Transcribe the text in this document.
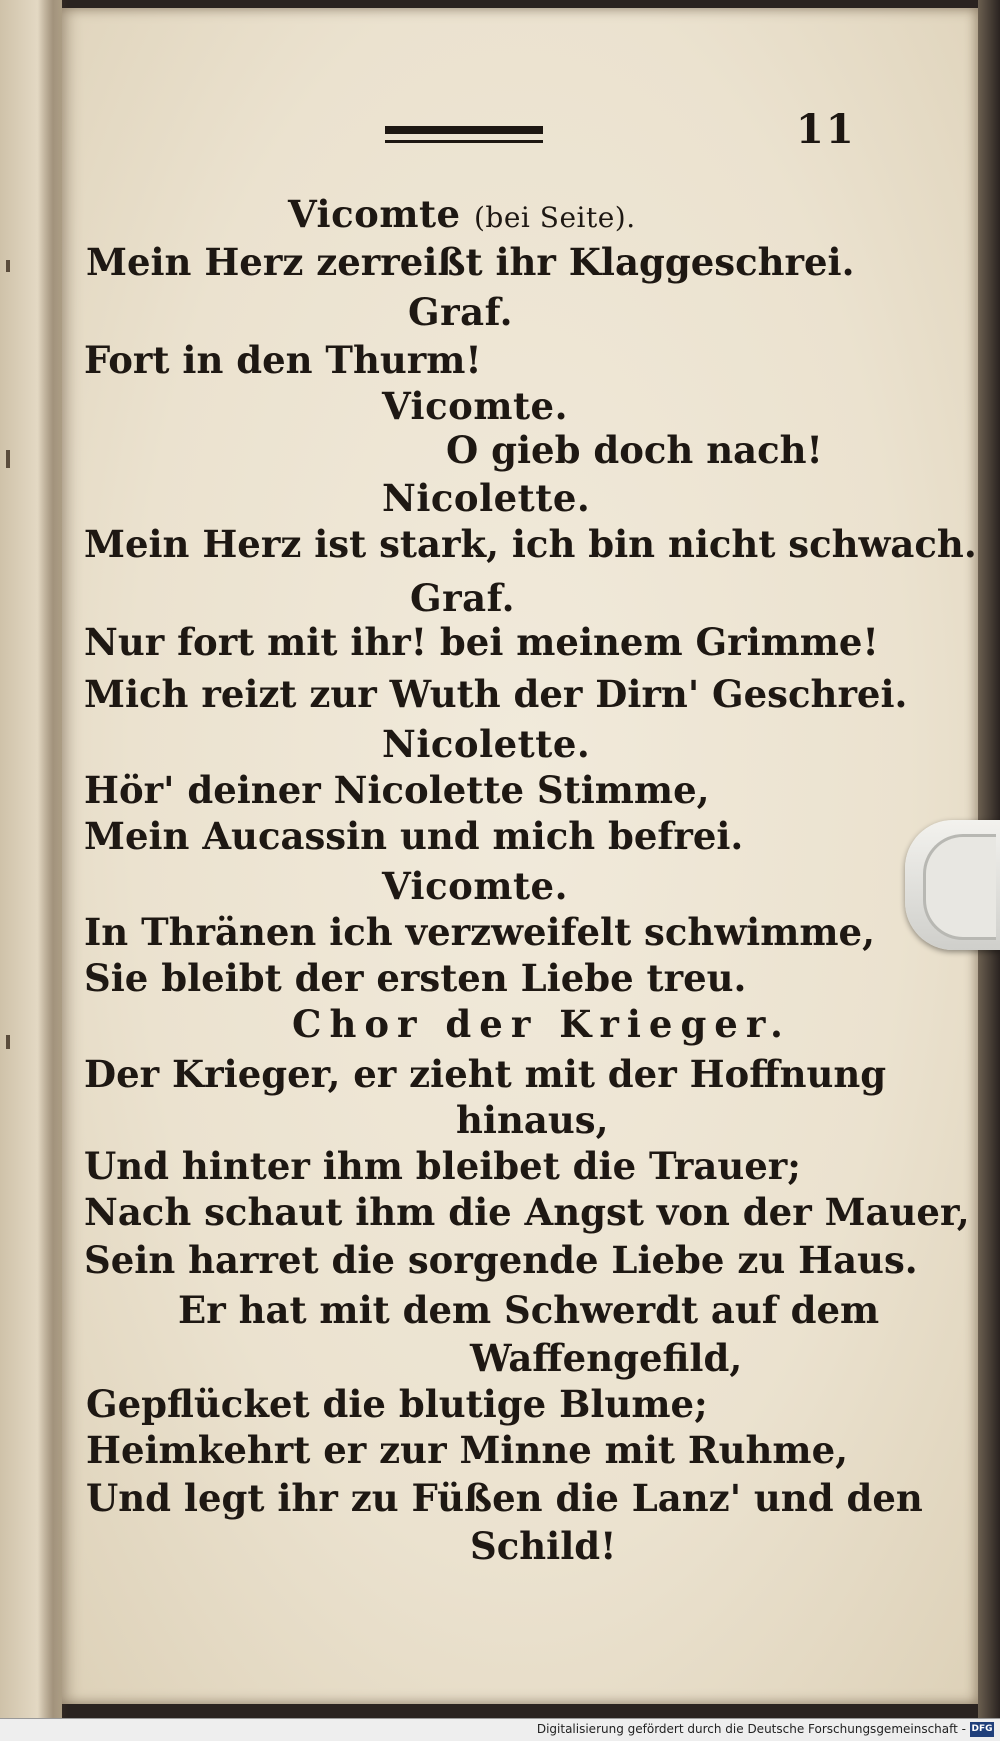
11
Vicomte (bei Seite).
Mein Herz zerreißt ihr Klaggeschrei.
Graf.
Fort in den Thurm!
Vicomte.
O gieb doch nach!
Nicolette.
Mein Herz ist stark, ich bin nicht schwach.
Graf.
Nur fort mit ihr! bei meinem Grimme!
Mich reizt zur Wuth der Dirn' Geschrei.
Nicolette.
Hör' deiner Nicolette Stimme,
Mein Aucassin und mich befrei.
Vicomte.
In Thränen ich verzweifelt schwimme,
Sie bleibt der ersten Liebe treu.
Chor der Krieger.
Der Krieger, er zieht mit der Hoffnung
hinaus,
Und hinter ihm bleibet die Trauer;
Nach schaut ihm die Angst von der Mauer,
Sein harret die sorgende Liebe zu Haus.
Er hat mit dem Schwerdt auf dem
Waffengefild,
Gepflücket die blutige Blume;
Heimkehrt er zur Minne mit Ruhme,
Und legt ihr zu Füßen die Lanz' und den
Schild!
Digitalisierung gefördert durch die Deutsche Forschungsgemeinschaft - DFG
